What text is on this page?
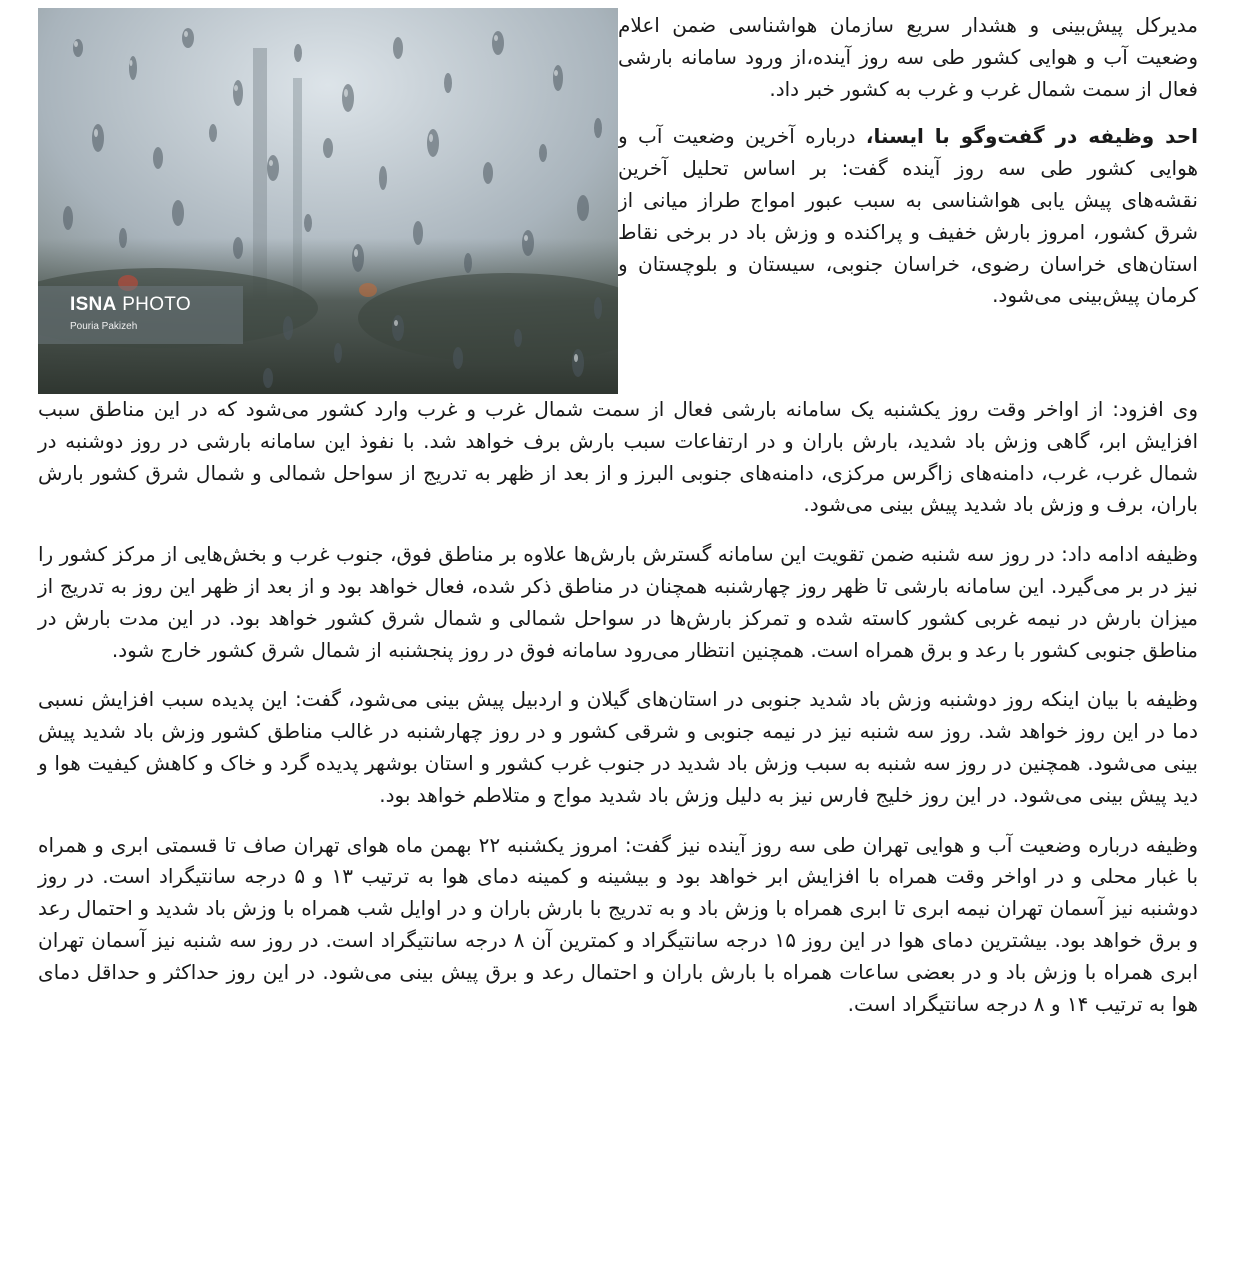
ISNA PHOTO
Pouria Pakizeh

مدیرکل پیش‌بینی و هشدار سریع سازمان هواشناسی ضمن اعلام وضعیت آب و هوایی کشور طی سه روز آینده،از ورود سامانه بارشی فعال از سمت شمال غرب و غرب به کشور خبر داد.

احد وظیفه در گفت‌وگو با ایسنا، درباره آخرین وضعیت آب و هوایی کشور طی سه روز آینده گفت: بر اساس تحلیل آخرین نقشه‌های پیش یابی هواشناسی به سبب عبور امواج طراز میانی از شرق کشور، امروز بارش خفیف و پراکنده و وزش باد در برخی نقاط استان‌های خراسان رضوی، خراسان جنوبی، سیستان و بلوچستان و کرمان پیش‌بینی می‌شود.

وی افزود: از اواخر وقت روز یکشنبه یک سامانه بارشی فعال از سمت شمال غرب و غرب وارد کشور می‌شود که در این مناطق سبب افزایش ابر، گاهی وزش باد شدید، بارش باران و در ارتفاعات سبب بارش برف خواهد شد. با نفوذ این سامانه بارشی در روز دوشنبه در شمال غرب، غرب، دامنه‌های زاگرس مرکزی، دامنه‌های جنوبی البرز و از بعد از ظهر به تدریج از سواحل شمالی و شمال شرق کشور بارش باران، برف و وزش باد شدید پیش بینی می‌شود.

وظیفه ادامه داد: در روز سه شنبه ضمن تقویت این سامانه گسترش بارش‌ها علاوه بر مناطق فوق، جنوب غرب و بخش‌هایی از مرکز کشور را نیز در بر می‌گیرد. این سامانه بارشی تا ظهر روز چهارشنبه همچنان در مناطق ذکر شده، فعال خواهد بود و از بعد از ظهر این روز به تدریج از میزان بارش در نیمه غربی کشور کاسته شده و تمرکز بارش‌ها در سواحل شمالی و شمال شرق کشور خواهد بود. در این مدت بارش در مناطق جنوبی کشور با رعد و برق همراه است. همچنین انتظار می‌رود سامانه فوق در روز پنجشنبه از شمال شرق کشور خارج شود.

وظیفه با بیان اینکه روز دوشنبه وزش باد شدید جنوبی در استان‌های گیلان و اردبیل پیش بینی می‌شود، گفت: این پدیده سبب افزایش نسبی دما در این روز خواهد شد. روز سه شنبه نیز در نیمه جنوبی و شرقی کشور و در روز چهارشنبه در غالب مناطق کشور وزش باد شدید پیش بینی می‌شود. همچنین در روز سه شنبه به سبب وزش باد شدید در جنوب غرب کشور و استان بوشهر پدیده گرد و خاک و کاهش کیفیت هوا و دید پیش بینی می‌شود. در این روز خلیج فارس نیز به دلیل وزش باد شدید مواج و متلاطم خواهد بود.

وظیفه درباره وضعیت آب و هوایی تهران طی سه روز آینده نیز گفت: امروز یکشنبه ۲۲ بهمن ماه هوای تهران صاف تا قسمتی ابری و همراه با غبار محلی و در اواخر وقت همراه با افزایش ابر خواهد بود و بیشینه و کمینه دمای هوا به ترتیب ۱۳ و ۵ درجه سانتیگراد است. در روز دوشنبه نیز آسمان تهران نیمه ابری تا ابری همراه با وزش باد و به تدریج با بارش باران و در اوایل شب همراه با وزش باد شدید و احتمال رعد و برق خواهد بود. بیشترین دمای هوا در این روز ۱۵ درجه سانتیگراد و کمترین آن ۸ درجه سانتیگراد است. در روز سه شنبه نیز آسمان تهران ابری همراه با وزش باد و در بعضی ساعات همراه با بارش باران و احتمال رعد و برق پیش بینی می‌شود. در این روز حداکثر و حداقل دمای هوا به ترتیب ۱۴ و ۸ درجه سانتیگراد است.
